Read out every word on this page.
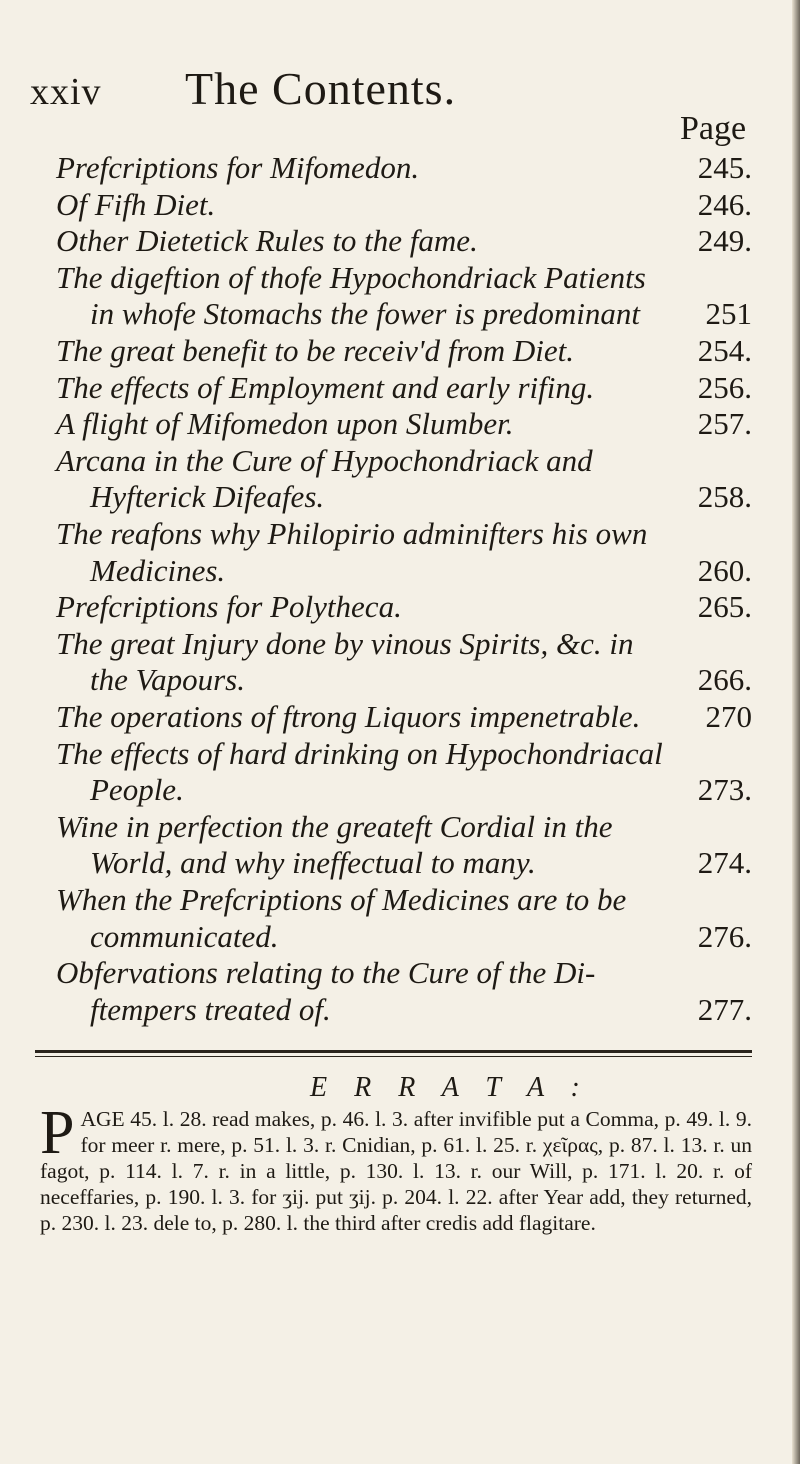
xxiv The Contents.
Page
Prefcriptions for Mifomedon.	245.
Of Fifh Diet.	246.
Other Dietetick Rules to the fame.	249.
The digeftion of thofe Hypochondriack Patients
in whofe Stomachs the fower is predominant 251
The great benefit to be receiv'd from Diet.	254.
The effects of Employment and early rifing.	256.
A flight of Mifomedon upon Slumber.	257.
Arcana in the Cure of Hypochondriack and
Hyfterick Difeafes.	258.
The reafons why Philopirio adminifters his own
Medicines.	260.
Prefcriptions for Polytheca.	265.
The great Injury done by vinous Spirits, &c. in
the Vapours.	266.
The operations of ftrong Liquors impenetrable. 270
The effects of hard drinking on Hypochondriacal
People.	273.
Wine in perfection the greateft Cordial in the
World, and why ineffectual to many.	274.
When the Prefcriptions of Medicines are to be
communicated.	276.
Obfervations relating to the Cure of the Di-
ftempers treated of.	277.
E R R A T A :
P AGE 45. l. 28. read makes, p. 46. l. 3. after invifible put a Comma, p. 49. l. 9. for meer r. mere, p. 51. l. 3. r. Cnidian, p. 61. l. 25. r. χεῖρας, p. 87. l. 13. r. un fagot, p. 114. l. 7. r. in a little, p. 130. l. 13. r. our Will, p. 171. l. 20. r. of neceffaries, p. 190. l. 3. for ʒij. put ʒij. p. 204. l. 22. after Year add, they returned, p. 230. l. 23. dele to, p. 280. l. the third after credis add flagitare.
